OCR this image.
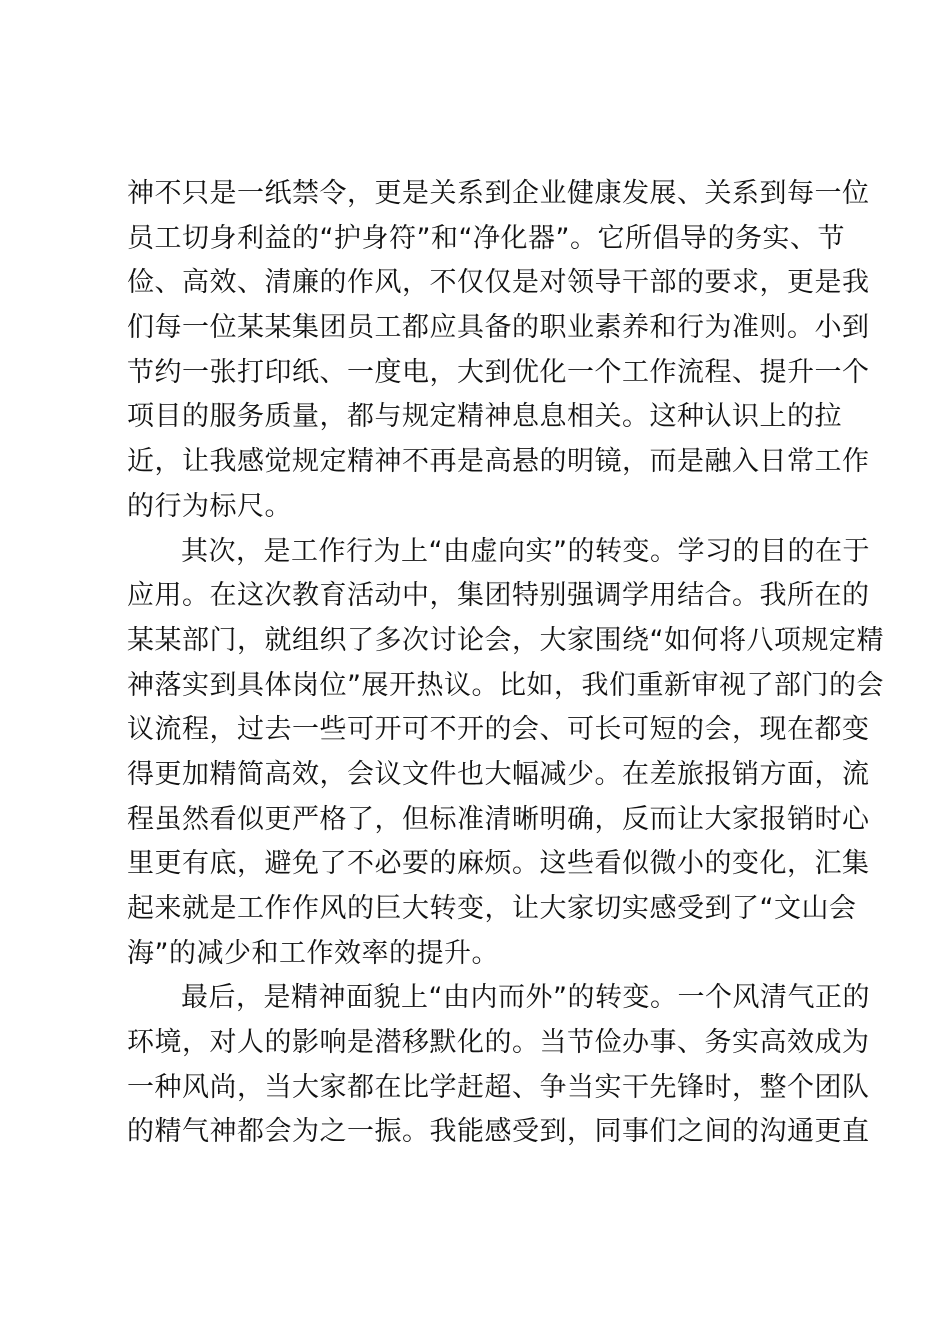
神不只是一纸禁令，更是关系到企业健康发展、关系到每一位
员工切身利益的“护身符”和“净化器”。它所倡导的务实、节
俭、高效、清廉的作风，不仅仅是对领导干部的要求，更是我
们每一位某某集团员工都应具备的职业素养和行为准则。小到
节约一张打印纸、一度电，大到优化一个工作流程、提升一个
项目的服务质量，都与规定精神息息相关。这种认识上的拉
近，让我感觉规定精神不再是高悬的明镜，而是融入日常工作
的行为标尺。
其次，是工作行为上“由虚向实”的转变。学习的目的在于
应用。在这次教育活动中，集团特别强调学用结合。我所在的
某某部门，就组织了多次讨论会，大家围绕“如何将八项规定精
神落实到具体岗位”展开热议。比如，我们重新审视了部门的会
议流程，过去一些可开可不开的会、可长可短的会，现在都变
得更加精简高效，会议文件也大幅减少。在差旅报销方面，流
程虽然看似更严格了，但标准清晰明确，反而让大家报销时心
里更有底，避免了不必要的麻烦。这些看似微小的变化，汇集
起来就是工作作风的巨大转变，让大家切实感受到了“文山会
海”的减少和工作效率的提升。
最后，是精神面貌上“由内而外”的转变。一个风清气正的
环境，对人的影响是潜移默化的。当节俭办事、务实高效成为
一种风尚，当大家都在比学赶超、争当实干先锋时，整个团队
的精气神都会为之一振。我能感受到，同事们之间的沟通更直
